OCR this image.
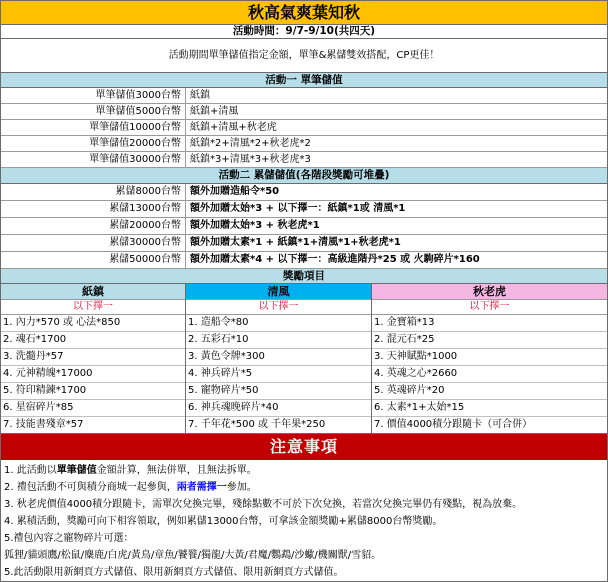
秋高氣爽葉知秋
活動時間：9/7-9/10(共四天)
活動期間單筆儲值指定金額，單筆&累儲雙效搭配，CP更佳！
活動一 單筆儲值
單筆儲值3000台幣 紙鎮
單筆儲值5000台幣 紙鎮+清風
單筆儲值10000台幣 紙鎮+清風+秋老虎
單筆儲值20000台幣 紙鎮*2+清風*2+秋老虎*2
單筆儲值30000台幣 紙鎮*3+清風*3+秋老虎*3
活動二 累儲儲值(各階段獎勵可堆疊)
累儲8000台幣 額外加贈造船令*50
累儲13000台幣 額外加贈太始*3 + 以下擇一：紙鎮*1或 清風*1
累儲20000台幣 額外加贈太始*3 + 秋老虎*1
累儲30000台幣 額外加贈太素*1 + 紙鎮*1+清風*1+秋老虎*1
累儲50000台幣 額外加贈太素*4 + 以下擇一：高級進階丹*25 或 火駒碎片*160
獎勵項目
紙鎮
以下擇一
1. 內力*570 或 心法*850
2. 魂石*1700
3. 洗髓丹*57
4. 元神精魄*17000
5. 符印精鍊*1700
6. 星宿碎片*85
7. 技能書殘章*57
清風
以下擇一
1. 造船令*80
2. 五彩石*10
3. 黃色令牌*300
4. 神兵碎片*5
5. 寵物碎片*50
6. 神兵魂晚碎片*40
7. 千年花*500 或 千年果*250
秋老虎
以下擇一
1. 金寶箱*13
2. 混元石*25
3. 天神賦點*1000
4. 英魂之心*2660
5. 英魂碎片*20
6. 太素*1+太始*15
7. 價值4000積分跟隨卡（可合併）
注意事項
1. 此活動以單筆儲值金額計算，無法併單，且無法拆單。
2. 禮包活動不可與積分商城一起參與，兩者需擇一參加。
3. 秋老虎價值4000積分跟隨卡，需單次兌換完畢，殘餘點數不可於下次兌換，若當次兌換完畢仍有殘點，視為放棄。
4. 累積活動，獎勵可向下相容領取，例如累儲13000台幣，可拿該金額獎勵+累儲8000台幣獎勵。
5.禮包內容之寵物碎片可選：
狐狸/貓頭鷹/松鼠/麋鹿/白虎/黃鳥/章魚/饕餮/獨龍/大黃/君魔/鸚鵡/沙蠍/機關獸/雪貂。
5.此活動限用新網頁方式儲值、限用新網頁方式儲值、限用新網頁方式儲值。
